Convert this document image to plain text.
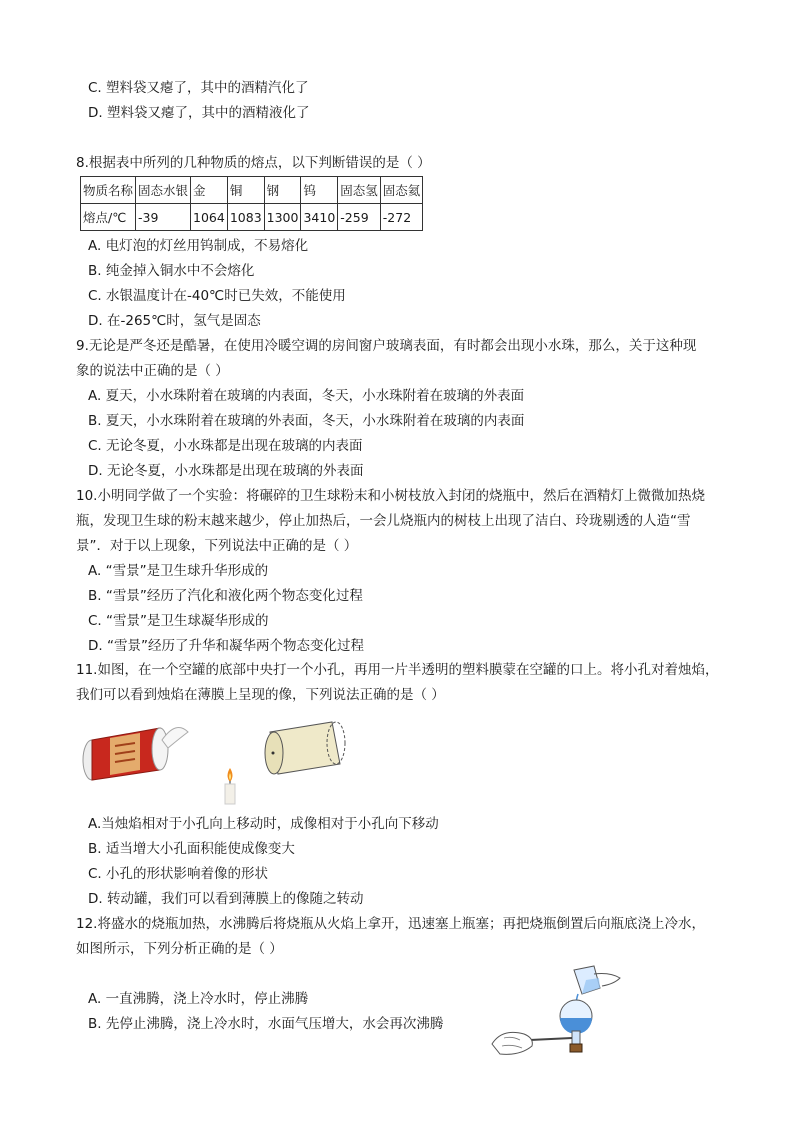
C. 塑料袋又瘪了，其中的酒精汽化了
D. 塑料袋又瘪了，其中的酒精液化了
8.根据表中所列的几种物质的熔点，以下判断错误的是（ ）
物质名称	固态水银	金	铜	钢	钨	固态氢	固态氦
熔点/℃	-39	1064	1083	1300	3410	-259	-272
A. 电灯泡的灯丝用钨制成，不易熔化
B. 纯金掉入铜水中不会熔化
C. 水银温度计在-40℃时已失效，不能使用
D. 在-265℃时，氢气是固态
9.无论是严冬还是酷暑，在使用冷暖空调的房间窗户玻璃表面，有时都会出现小水珠，那么，关于这种现
象的说法中正确的是（ ）
A. 夏天，小水珠附着在玻璃的内表面，冬天，小水珠附着在玻璃的外表面
B. 夏天，小水珠附着在玻璃的外表面，冬天，小水珠附着在玻璃的内表面
C. 无论冬夏，小水珠都是出现在玻璃的内表面
D. 无论冬夏，小水珠都是出现在玻璃的外表面
10.小明同学做了一个实验：将碾碎的卫生球粉末和小树枝放入封闭的烧瓶中，然后在酒精灯上微微加热烧
瓶，发现卫生球的粉末越来越少，停止加热后，一会儿烧瓶内的树枝上出现了洁白、玲珑剔透的人造“雪
景”．对于以上现象，下列说法中正确的是（ ）
A. “雪景”是卫生球升华形成的
B. “雪景”经历了汽化和液化两个物态变化过程
C. “雪景”是卫生球凝华形成的
D. “雪景”经历了升华和凝华两个物态变化过程
11.如图，在一个空罐的底部中央打一个小孔，再用一片半透明的塑料膜蒙在空罐的口上。将小孔对着烛焰，
我们可以看到烛焰在薄膜上呈现的像，下列说法正确的是（ ）
A.当烛焰相对于小孔向上移动时，成像相对于小孔向下移动
B. 适当增大小孔面积能使成像变大
C. 小孔的形状影响着像的形状
D. 转动罐，我们可以看到薄膜上的像随之转动
12.将盛水的烧瓶加热，水沸腾后将烧瓶从火焰上拿开，迅速塞上瓶塞；再把烧瓶倒置后向瓶底浇上冷水，
如图所示，下列分析正确的是（ ）
A. 一直沸腾，浇上冷水时，停止沸腾
B. 先停止沸腾，浇上冷水时，水面气压增大，水会再次沸腾
